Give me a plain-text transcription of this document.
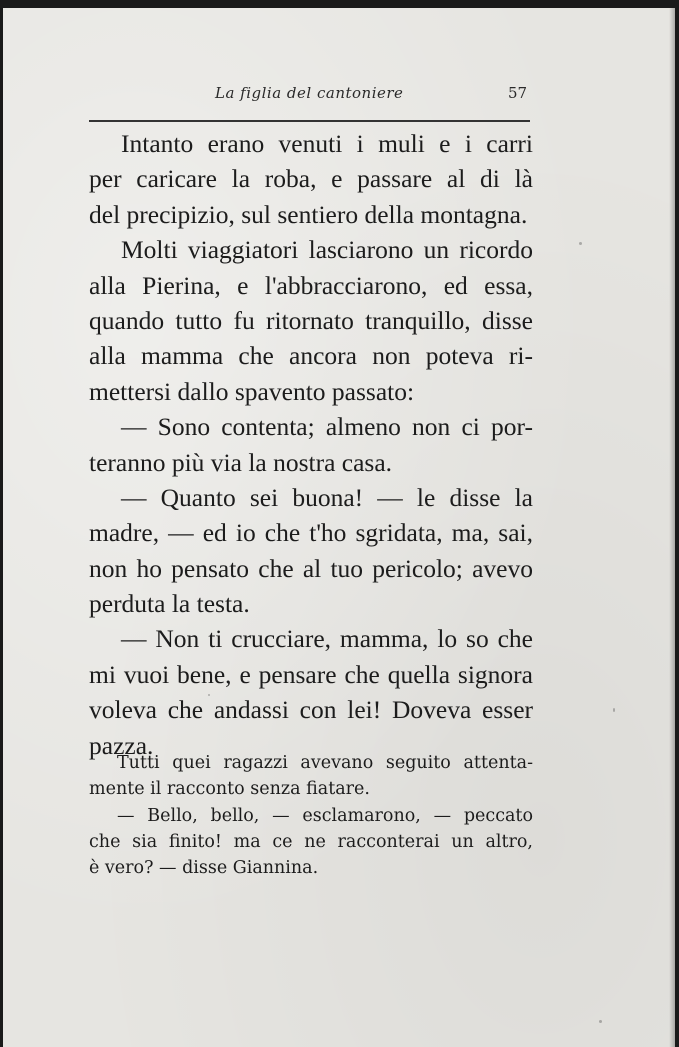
La figlia del cantoniere	57
Intanto erano venuti i muli e i carri
per caricare la roba, e passare al di là
del precipizio, sul sentiero della montagna.
Molti viaggiatori lasciarono un ricordo
alla Pierina, e l'abbracciarono, ed essa,
quando tutto fu ritornato tranquillo, disse
alla mamma che ancora non poteva ri-
mettersi dallo spavento passato:
— Sono contenta; almeno non ci por-
teranno più via la nostra casa.
— Quanto sei buona! — le disse la
madre, — ed io che t'ho sgridata, ma, sai,
non ho pensato che al tuo pericolo; avevo
perduta la testa.
— Non ti crucciare, mamma, lo so che
mi vuoi bene, e pensare che quella signora
voleva che andassi con lei! Doveva esser
pazza.
Tutti quei ragazzi avevano seguito attenta-
mente il racconto senza fiatare.
— Bello, bello, — esclamarono, — peccato
che sia finito! ma ce ne racconterai un altro,
è vero? — disse Giannina.
